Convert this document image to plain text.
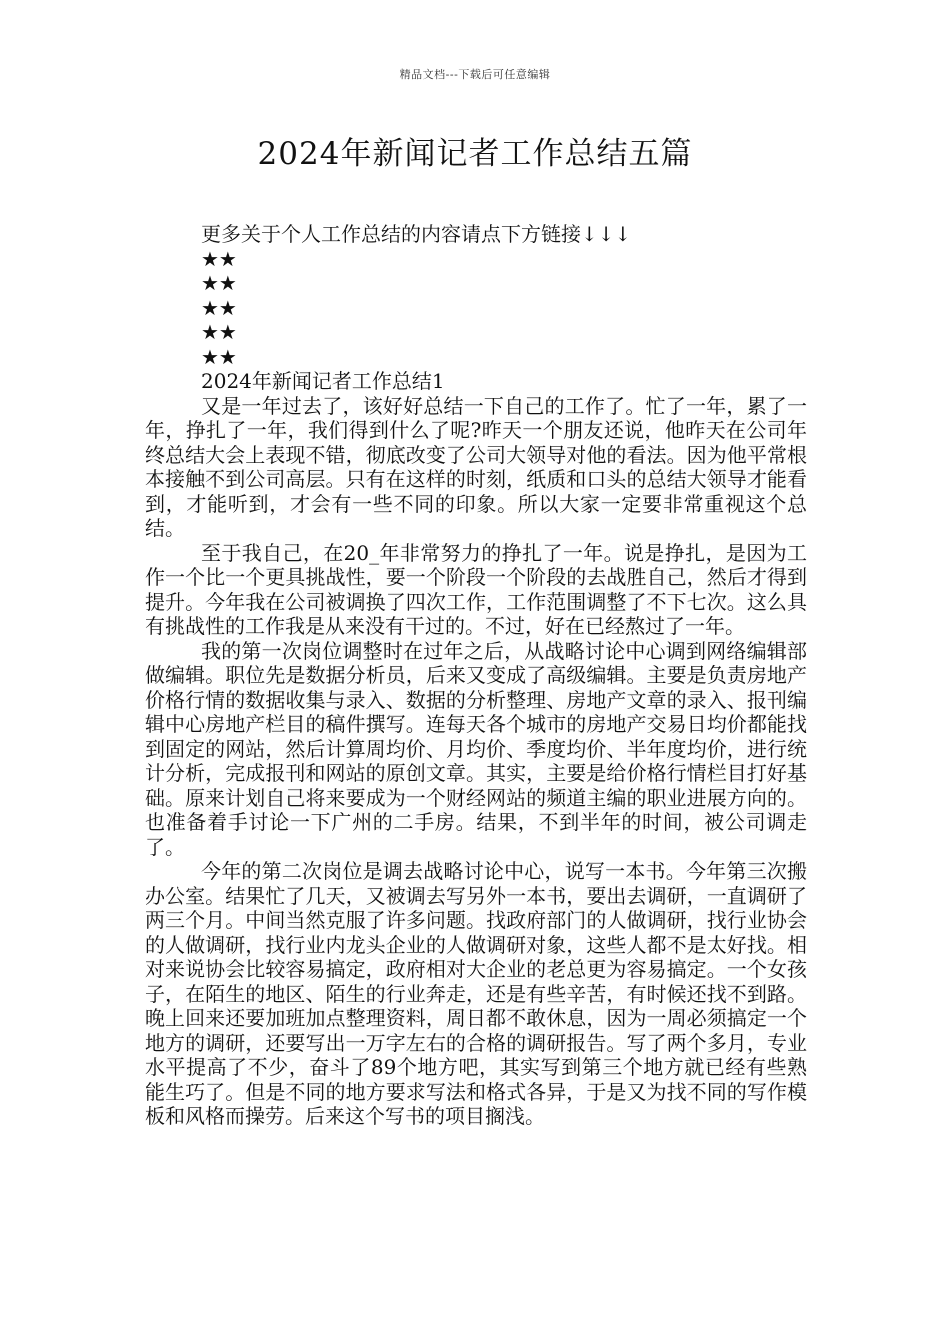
精品文档---下载后可任意编辑
2024年新闻记者工作总结五篇
更多关于个人工作总结的内容请点下方链接↓↓↓
★★
★★
★★
★★
★★
2024年新闻记者工作总结1

又是一年过去了，该好好总结一下自己的工作了。忙了一年，累了一年，挣扎了一年，我们得到什么了呢?昨天一个朋友还说，他昨天在公司年终总结大会上表现不错，彻底改变了公司大领导对他的看法。因为他平常根本接触不到公司高层。只有在这样的时刻，纸质和口头的总结大领导才能看到，才能听到，才会有一些不同的印象。所以大家一定要非常重视这个总结。

至于我自己，在20_年非常努力的挣扎了一年。说是挣扎，是因为工作一个比一个更具挑战性，要一个阶段一个阶段的去战胜自己，然后才得到提升。今年我在公司被调换了四次工作，工作范围调整了不下七次。这么具有挑战性的工作我是从来没有干过的。不过，好在已经熬过了一年。

我的第一次岗位调整时在过年之后，从战略讨论中心调到网络编辑部做编辑。职位先是数据分析员，后来又变成了高级编辑。主要是负责房地产价格行情的数据收集与录入、数据的分析整理、房地产文章的录入、报刊编辑中心房地产栏目的稿件撰写。连每天各个城市的房地产交易日均价都能找到固定的网站，然后计算周均价、月均价、季度均价、半年度均价，进行统计分析，完成报刊和网站的原创文章。其实，主要是给价格行情栏目打好基础。原来计划自己将来要成为一个财经网站的频道主编的职业进展方向的。也准备着手讨论一下广州的二手房。结果，不到半年的时间，被公司调走了。

今年的第二次岗位是调去战略讨论中心，说写一本书。今年第三次搬办公室。结果忙了几天，又被调去写另外一本书，要出去调研，一直调研了两三个月。中间当然克服了许多问题。找政府部门的人做调研，找行业协会的人做调研，找行业内龙头企业的人做调研对象，这些人都不是太好找。相对来说协会比较容易搞定，政府相对大企业的老总更为容易搞定。一个女孩子，在陌生的地区、陌生的行业奔走，还是有些辛苦，有时候还找不到路。晚上回来还要加班加点整理资料，周日都不敢休息，因为一周必须搞定一个地方的调研，还要写出一万字左右的合格的调研报告。写了两个多月，专业水平提高了不少，奋斗了89个地方吧，其实写到第三个地方就已经有些熟能生巧了。但是不同的地方要求写法和格式各异，于是又为找不同的写作模板和风格而操劳。后来这个写书的项目搁浅。
